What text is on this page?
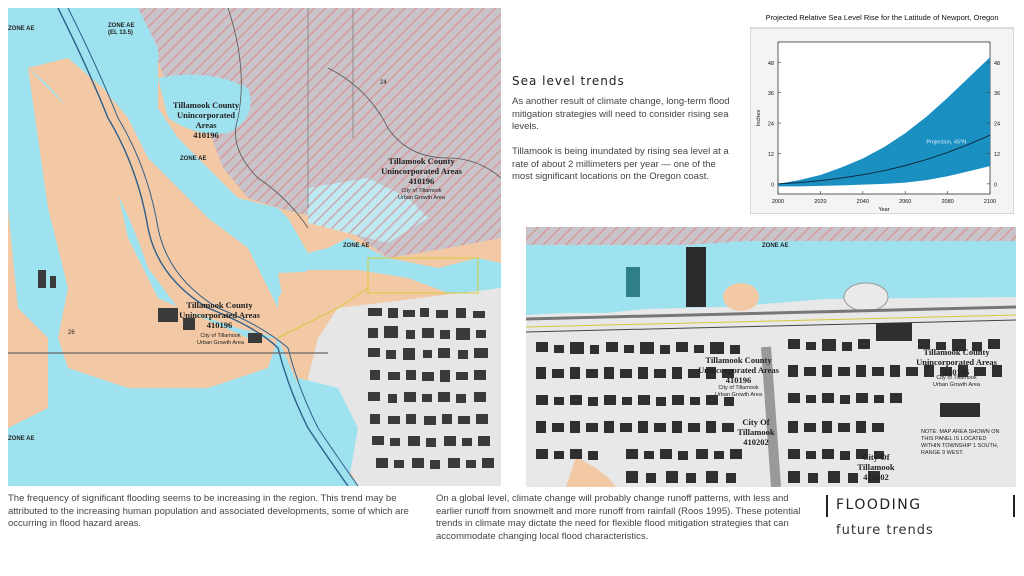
ZONE AE
(EL 13.5)
ZONE AE
ZONE AE
ZONE AE
ZONE AE
Tillamook County
Unincorporated
Areas
410196
Tillamook County
Unincorporated Areas
410196
City of Tillamook
Urban Growth Area
Tillamook County
Unincorporated Areas
410196
City of Tillamook
Urban Growth Area
24
26
ZONE AE
Tillamook County
Unincorporated Areas
410196
City of Tillamook
Urban Growth Area
Tillamook County
Unincorporated Areas
410196
City of Tillamook
Urban Growth Area
City Of
Tillamook
410202
City Of
Tillamook
410202
NOTE: MAP AREA SHOWN ON
THIS PANEL IS LOCATED
WITHIN TOWNSHIP 1 SOUTH,
RANGE 9 WEST.
Sea level trends
As another result of climate change, long-term flood mitigation strategies will need to consider rising sea levels.
Tillamook is being inundated by rising sea level at a rate of about 2 millimeters per year — one of the most significant locations on the Oregon coast.
Projected Relative Sea Level Rise for the Latitude of Newport, Oregon
0	0
12	12
24	24
36	36
48	48
2000	2020	2040	2060	2080	2100
Year
Inches
Projection, 45°N
The frequency of significant flooding seems to be increasing in the region. This trend may be attributed to the increasing human population and associated developments, some of which are occurring in flood hazard areas.
On a global level, climate change will probably change runoff patterns, with less and earlier runoff from snowmelt and more runoff from rainfall (Roos 1995). These potential trends in climate may dictate the need for flexible flood mitigation strategies that can accommodate changing local flood characteristics.
FLOODING
future trends
